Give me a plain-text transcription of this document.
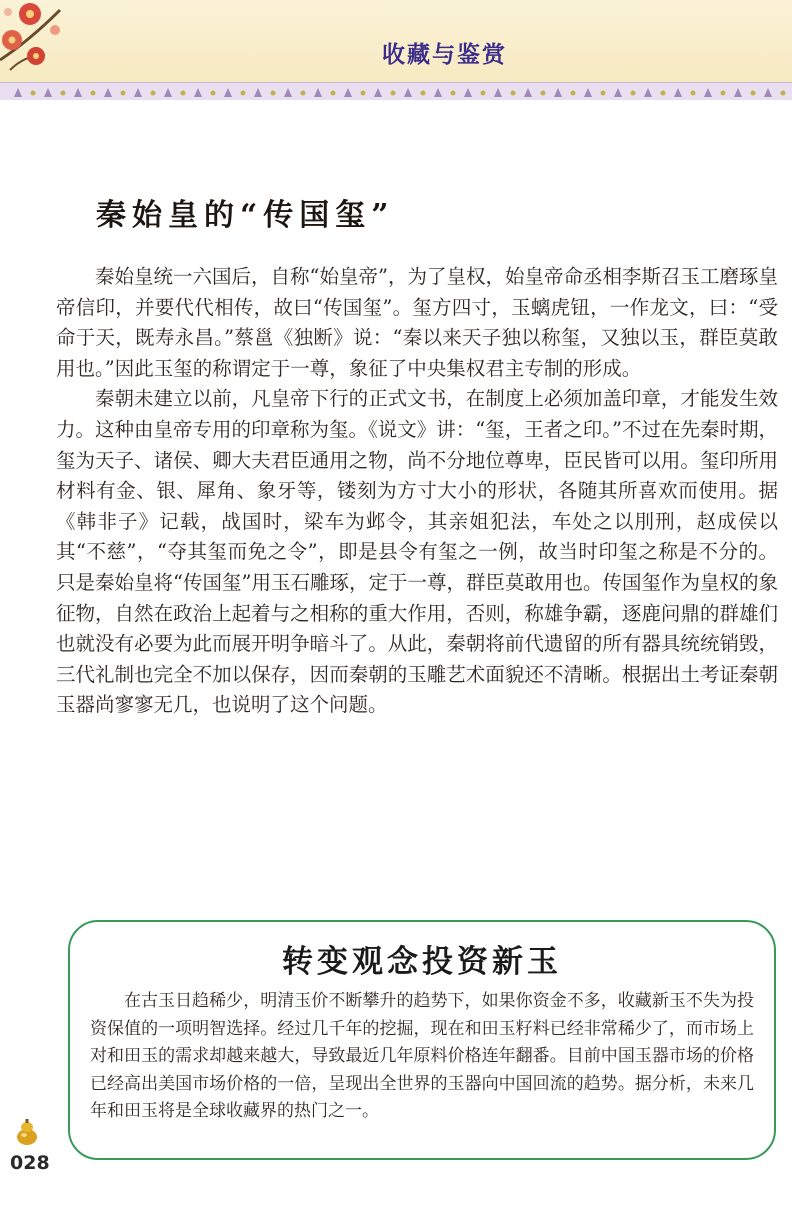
收藏与鉴赏
秦始皇的“传国玺”

秦始皇统一六国后，自称“始皇帝”，为了皇权，始皇帝命丞相李斯召玉工磨琢皇帝信印，并要代代相传，故曰“传国玺”。玺方四寸，玉螭虎钮，一作龙文，曰：“受命于天，既寿永昌。”蔡邕《独断》说：“秦以来天子独以称玺，又独以玉，群臣莫敢用也。”因此玉玺的称谓定于一尊，象征了中央集权君主专制的形成。

秦朝未建立以前，凡皇帝下行的正式文书，在制度上必须加盖印章，才能发生效力。这种由皇帝专用的印章称为玺。《说文》讲：“玺，王者之印。”不过在先秦时期，玺为天子、诸侯、卿大夫君臣通用之物，尚不分地位尊卑，臣民皆可以用。玺印所用材料有金、银、犀角、象牙等，镂刻为方寸大小的形状，各随其所喜欢而使用。据《韩非子》记载，战国时，梁车为邺令，其亲姐犯法，车处之以刖刑，赵成侯以其“不慈”，“夺其玺而免之令”，即是县令有玺之一例，故当时印玺之称是不分的。只是秦始皇将“传国玺”用玉石雕琢，定于一尊，群臣莫敢用也。传国玺作为皇权的象征物，自然在政治上起着与之相称的重大作用，否则，称雄争霸，逐鹿问鼎的群雄们也就没有必要为此而展开明争暗斗了。从此，秦朝将前代遗留的所有器具统统销毁，三代礼制也完全不加以保存，因而秦朝的玉雕艺术面貌还不清晰。根据出土考证秦朝玉器尚寥寥无几，也说明了这个问题。

转变观念投资新玉

在古玉日趋稀少，明清玉价不断攀升的趋势下，如果你资金不多，收藏新玉不失为投资保值的一项明智选择。经过几千年的挖掘，现在和田玉籽料已经非常稀少了，而市场上对和田玉的需求却越来越大，导致最近几年原料价格连年翻番。目前中国玉器市场的价格已经高出美国市场价格的一倍，呈现出全世界的玉器向中国回流的趋势。据分析，未来几年和田玉将是全球收藏界的热门之一。

028
